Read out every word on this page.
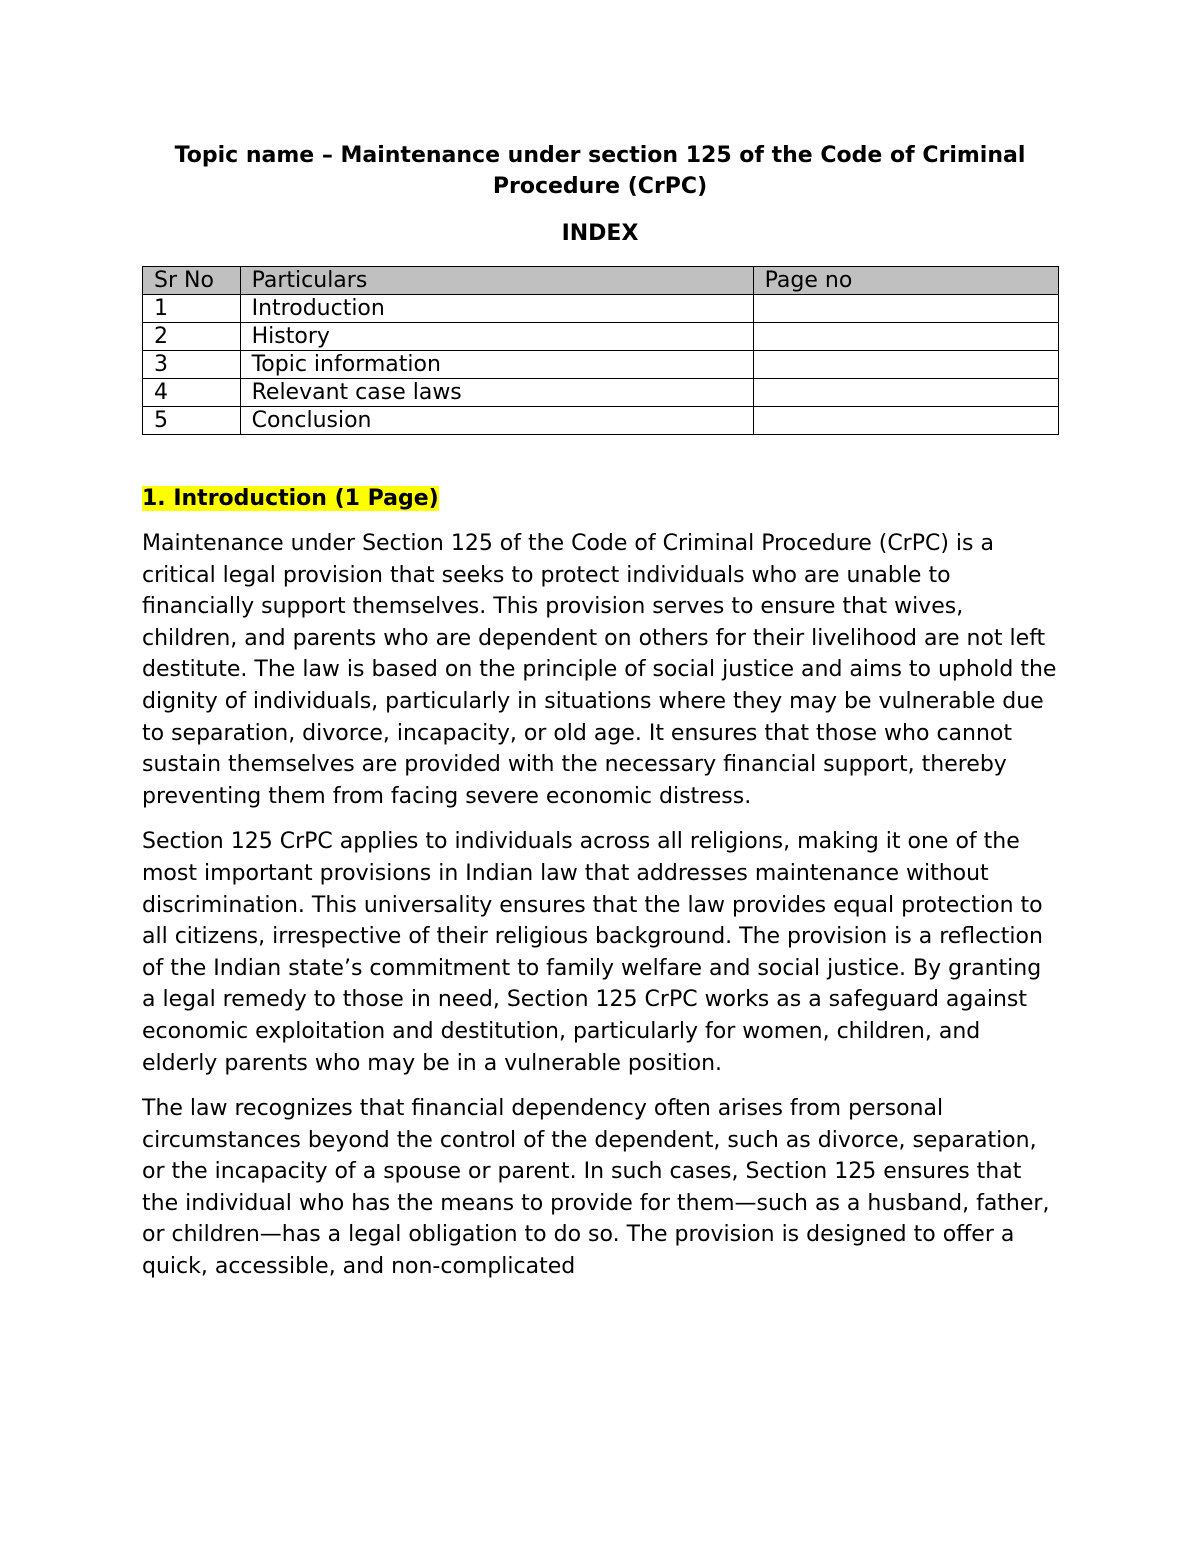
Topic name – Maintenance under section 125 of the Code of Criminal
Procedure (CrPC)

INDEX

Sr No	Particulars	Page no
1	Introduction	
2	History	
3	Topic information	
4	Relevant case laws	
5	Conclusion	

1. Introduction (1 Page)

Maintenance under Section 125 of the Code of Criminal Procedure (CrPC) is a critical legal provision that seeks to protect individuals who are unable to financially support themselves. This provision serves to ensure that wives, children, and parents who are dependent on others for their livelihood are not left destitute. The law is based on the principle of social justice and aims to uphold the dignity of individuals, particularly in situations where they may be vulnerable due to separation, divorce, incapacity, or old age. It ensures that those who cannot sustain themselves are provided with the necessary financial support, thereby preventing them from facing severe economic distress.

Section 125 CrPC applies to individuals across all religions, making it one of the most important provisions in Indian law that addresses maintenance without discrimination. This universality ensures that the law provides equal protection to all citizens, irrespective of their religious background. The provision is a reflection of the Indian state’s commitment to family welfare and social justice. By granting a legal remedy to those in need, Section 125 CrPC works as a safeguard against economic exploitation and destitution, particularly for women, children, and elderly parents who may be in a vulnerable position.

The law recognizes that financial dependency often arises from personal circumstances beyond the control of the dependent, such as divorce, separation, or the incapacity of a spouse or parent. In such cases, Section 125 ensures that the individual who has the means to provide for them—such as a husband, father, or children—has a legal obligation to do so. The provision is designed to offer a quick, accessible, and non-complicated
